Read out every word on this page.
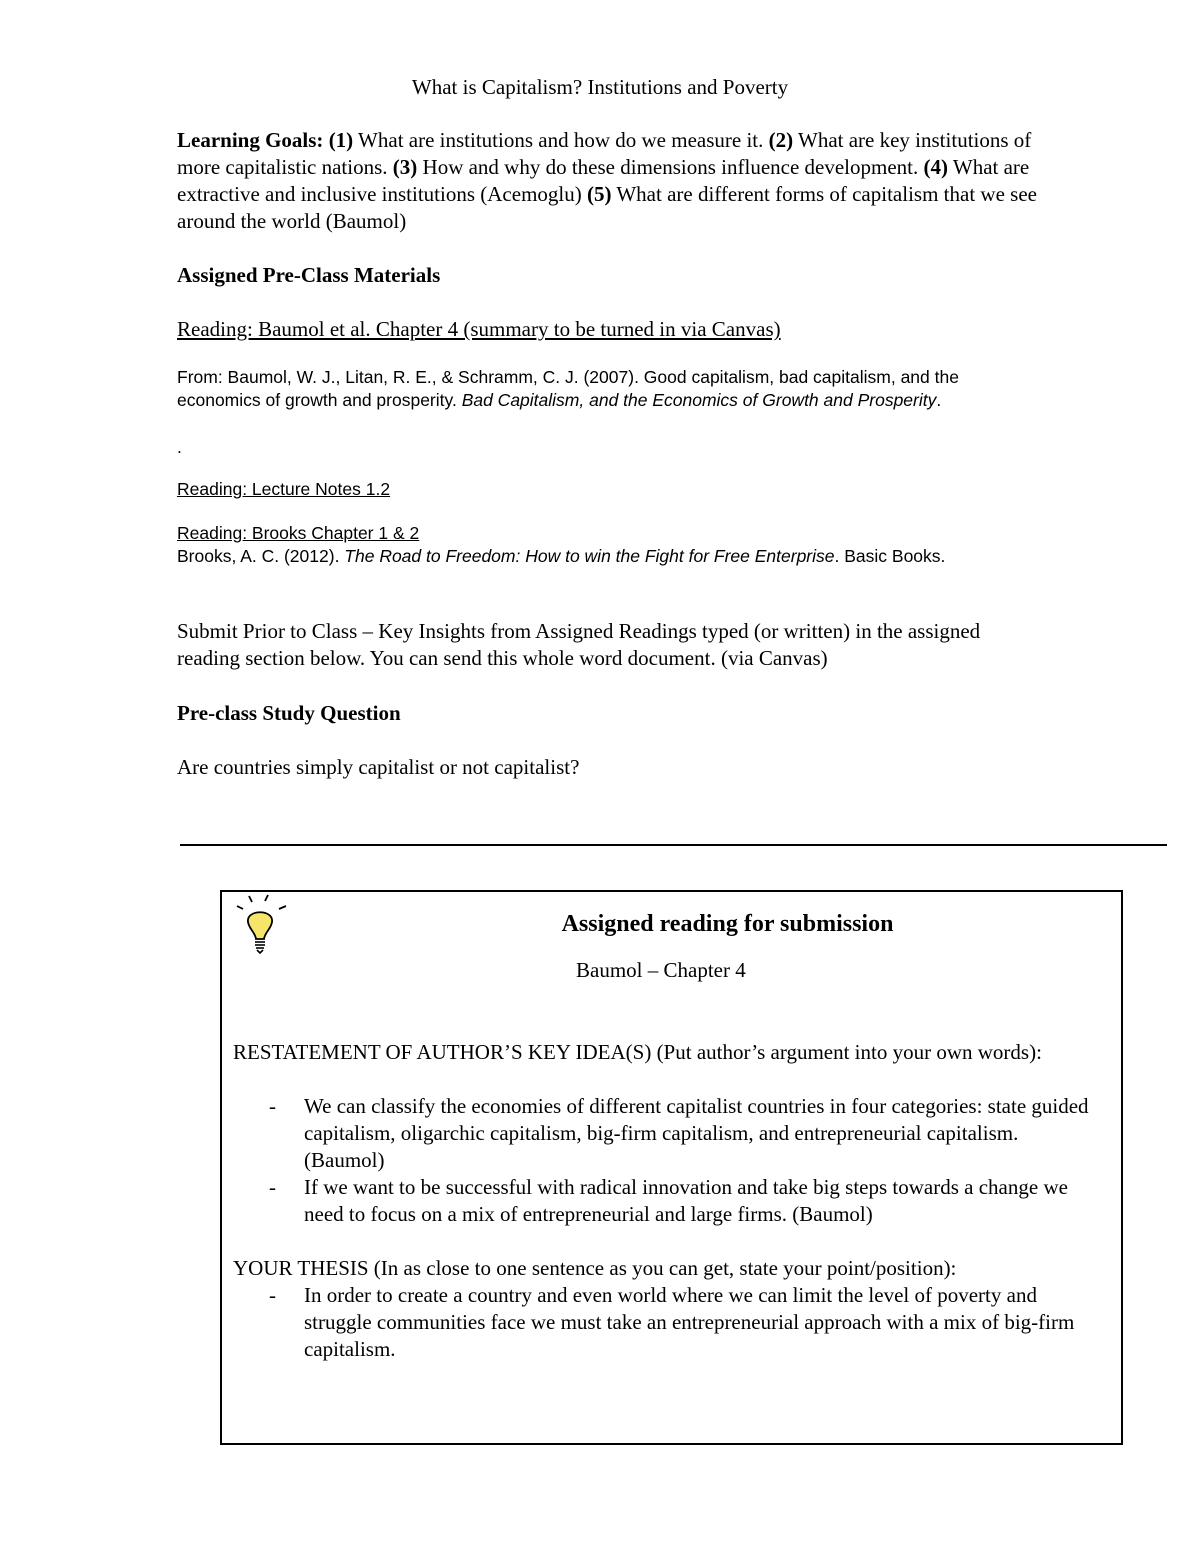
What is Capitalism? Institutions and Poverty
Learning Goals: (1) What are institutions and how do we measure it. (2) What are key institutions of more capitalistic nations. (3) How and why do these dimensions influence development. (4) What are extractive and inclusive institutions (Acemoglu) (5) What are different forms of capitalism that we see around the world (Baumol)
Assigned Pre-Class Materials
Reading: Baumol et al. Chapter 4 (summary to be turned in via Canvas)
From: Baumol, W. J., Litan, R. E., & Schramm, C. J. (2007). Good capitalism, bad capitalism, and the economics of growth and prosperity. Bad Capitalism, and the Economics of Growth and Prosperity.
.
Reading: Lecture Notes 1.2
Reading: Brooks Chapter 1 & 2
Brooks, A. C. (2012). The Road to Freedom: How to win the Fight for Free Enterprise. Basic Books.
Submit Prior to Class – Key Insights from Assigned Readings typed (or written) in the assigned reading section below. You can send this whole word document. (via Canvas)
Pre-class Study Question
Are countries simply capitalist or not capitalist?
Assigned reading for submission
Baumol – Chapter 4
RESTATEMENT OF AUTHOR’S KEY IDEA(S) (Put author’s argument into your own words):
- We can classify the economies of different capitalist countries in four categories: state guided capitalism, oligarchic capitalism, big-firm capitalism, and entrepreneurial capitalism. (Baumol)
- If we want to be successful with radical innovation and take big steps towards a change we need to focus on a mix of entrepreneurial and large firms. (Baumol)
YOUR THESIS (In as close to one sentence as you can get, state your point/position):
- In order to create a country and even world where we can limit the level of poverty and struggle communities face we must take an entrepreneurial approach with a mix of big-firm capitalism.
